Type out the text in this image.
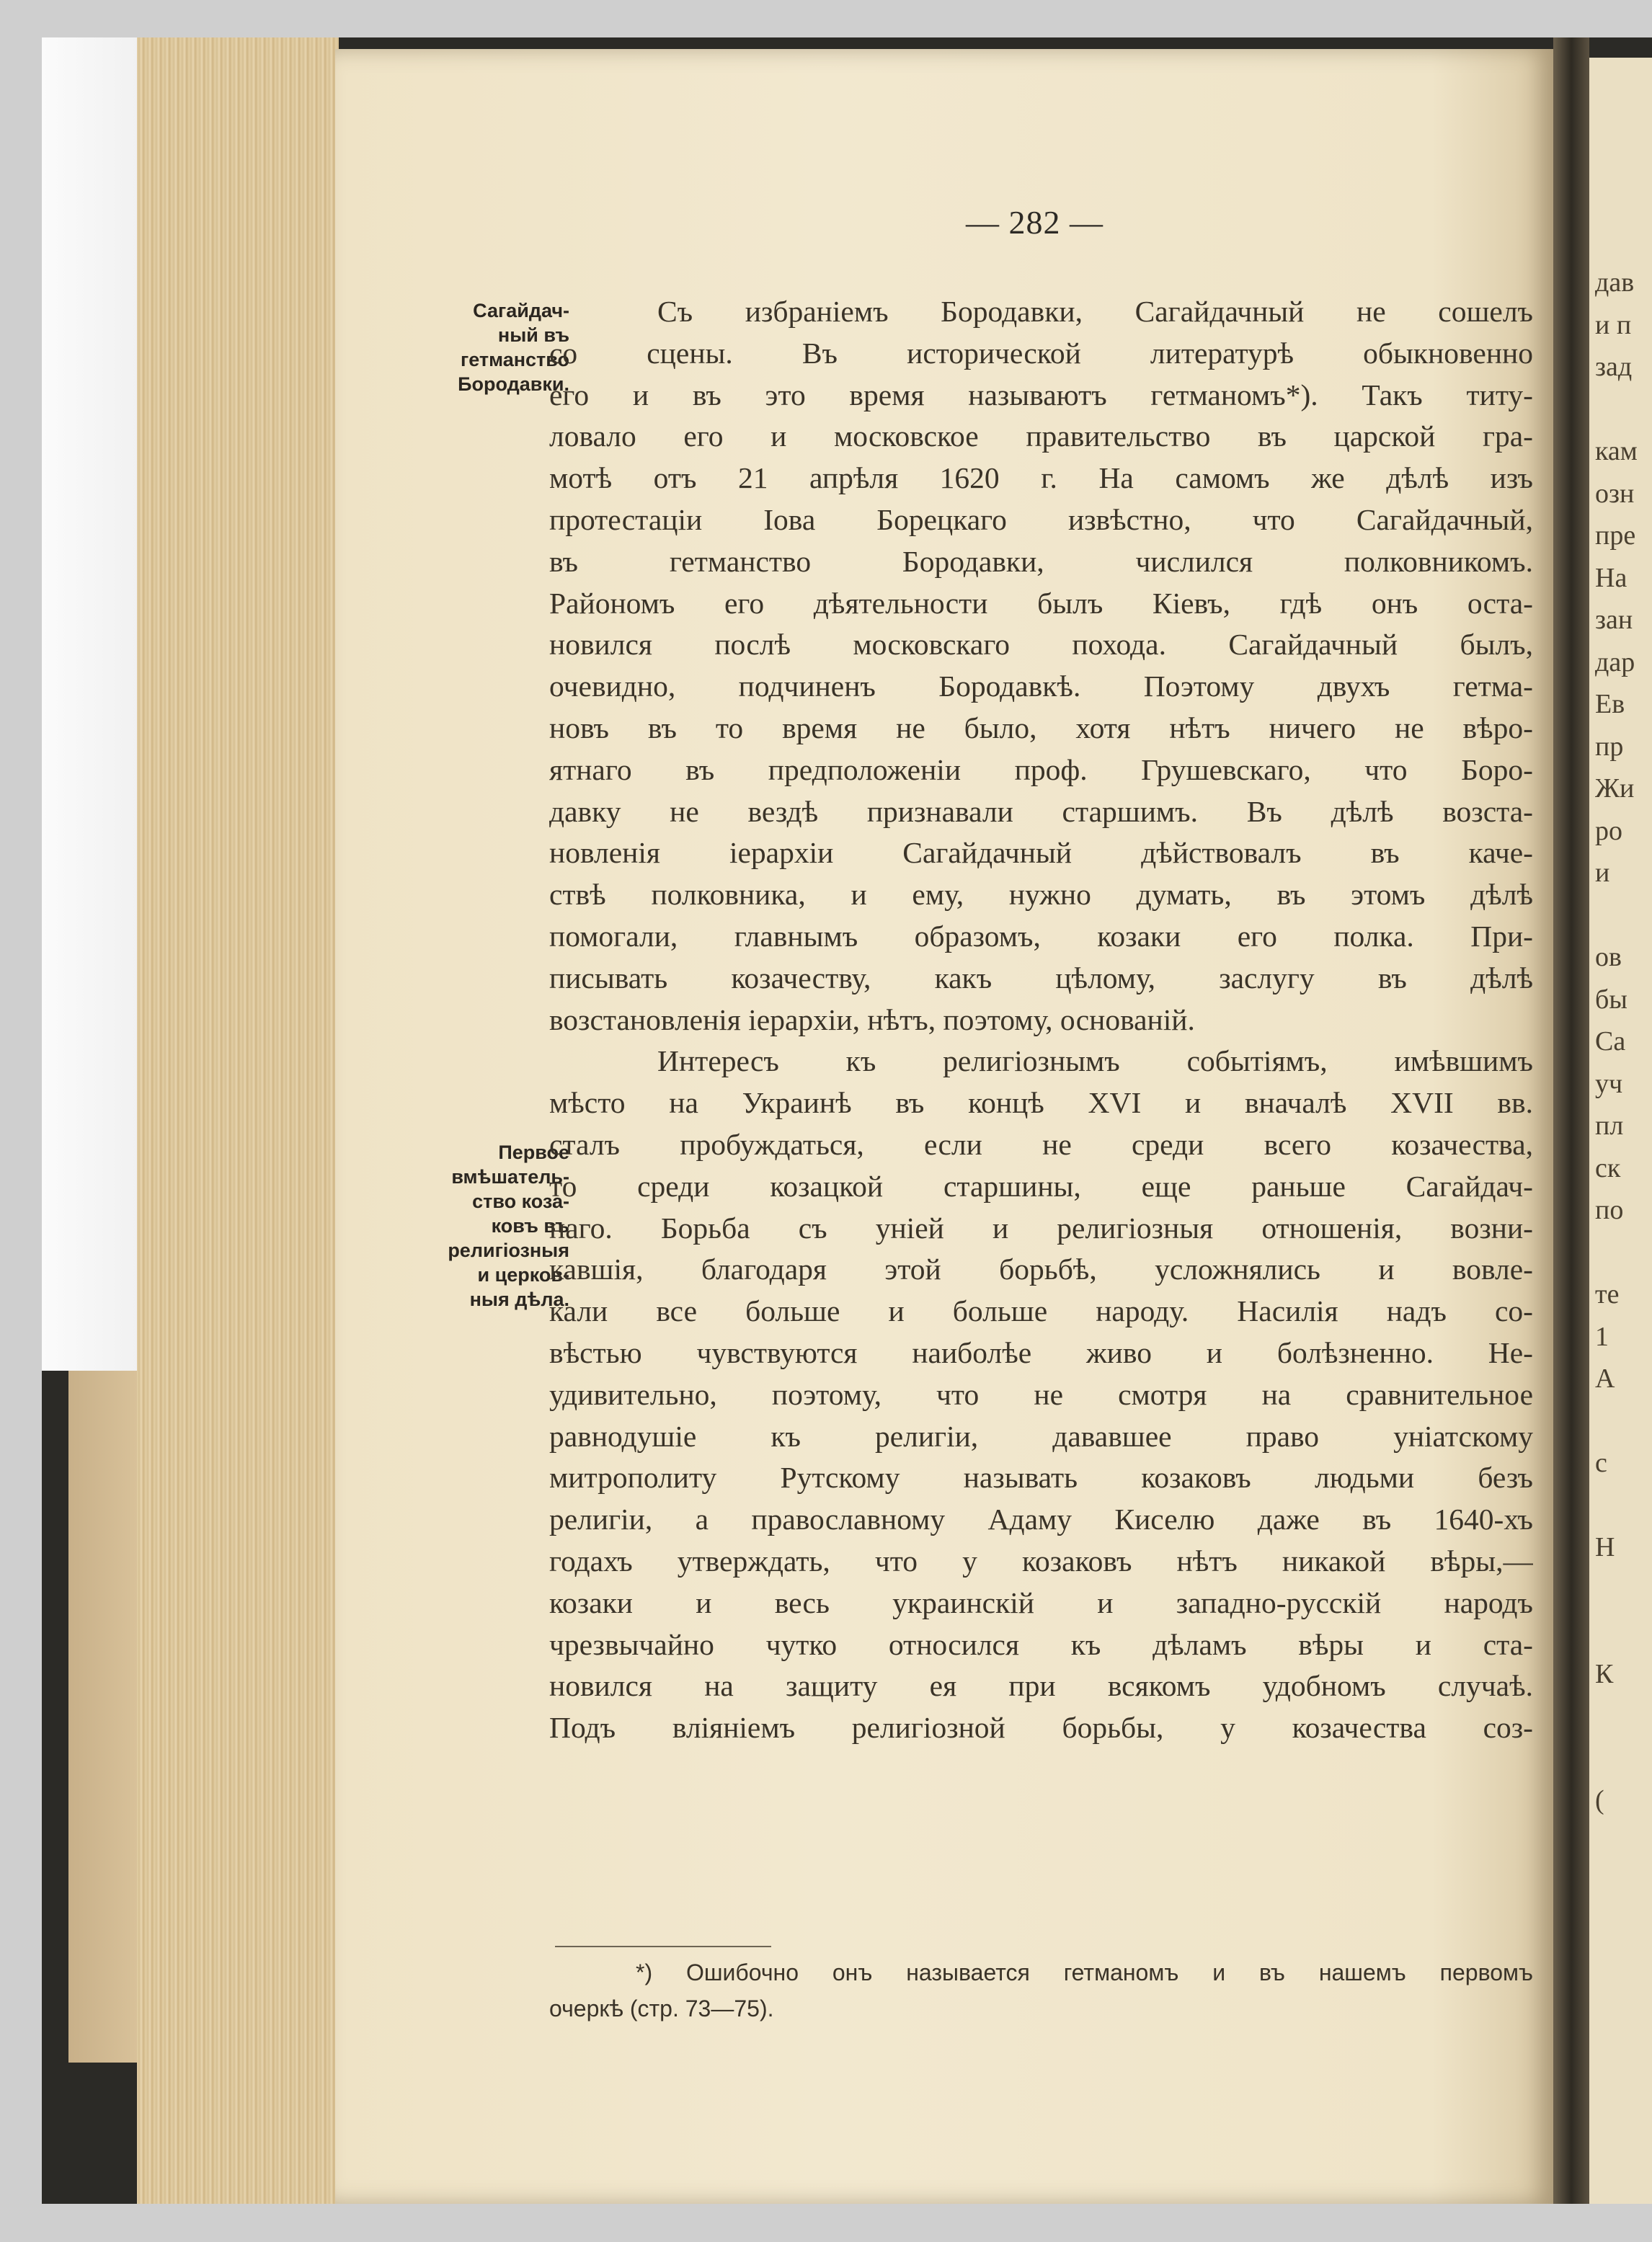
дав
и п
зад
кам
озн
пре
На
зан
дар
Ев
пр
Жи
ро
и
ов
бы
Са
уч
пл
ск
по
те
1
А
с
Н
К
(
— 282 —
Сагайдач-
ный въ
гетманство
Бородавки.
Первое
вмѣшатель-
ство коза-
ковъ въ
религіозныя
и церков-
ныя дѣла.
Съ избраніемъ Бородавки, Сагайдачный не сошелъ
со сцены. Въ исторической литературѣ обыкновенно
его и въ это время называютъ гетманомъ*). Такъ титу-
ловало его и московское правительство въ царской гра-
мотѣ отъ 21 апрѣля 1620 г. На самомъ же дѣлѣ изъ
протестаціи Іова Борецкаго извѣстно, что Сагайдачный,
въ гетманство Бородавки, числился полковникомъ.
Райономъ его дѣятельности былъ Кіевъ, гдѣ онъ оста-
новился послѣ московскаго похода. Сагайдачный былъ,
очевидно, подчиненъ Бородавкѣ. Поэтому двухъ гетма-
новъ въ то время не было, хотя нѣтъ ничего не вѣро-
ятнаго въ предположеніи проф. Грушевскаго, что Боро-
давку не вездѣ признавали старшимъ. Въ дѣлѣ возста-
новленія іерархіи Сагайдачный дѣйствовалъ въ каче-
ствѣ полковника, и ему, нужно думать, въ этомъ дѣлѣ
помогали, главнымъ образомъ, козаки его полка. При-
писывать козачеству, какъ цѣлому, заслугу въ дѣлѣ
возстановленія іерархіи, нѣтъ, поэтому, основаній.
Интересъ къ религіознымъ событіямъ, имѣвшимъ
мѣсто на Украинѣ въ концѣ XVI и вначалѣ XVII вв.
сталъ пробуждаться, если не среди всего козачества,
то среди козацкой старшины, еще раньше Сагайдач-
наго. Борьба съ уніей и религіозныя отношенія, возни-
кавшія, благодаря этой борьбѣ, усложнялись и вовле-
кали все больше и больше народу. Насилія надъ со-
вѣстью чувствуются наиболѣе живо и болѣзненно. Не-
удивительно, поэтому, что не смотря на сравнительное
равнодушіе къ религіи, дававшее право уніатскому
митрополиту Рутскому называть козаковъ людьми безъ
религіи, а православному Адаму Киселю даже въ 1640-хъ
годахъ утверждать, что у козаковъ нѣтъ никакой вѣры,—
козаки и весь украинскій и западно-русскій народъ
чрезвычайно чутко относился къ дѣламъ вѣры и ста-
новился на защиту ея при всякомъ удобномъ случаѣ.
Подъ вліяніемъ религіозной борьбы, у козачества соз-
*) Ошибочно онъ называется гетманомъ и въ нашемъ первомъ
очеркѣ (стр. 73—75).
